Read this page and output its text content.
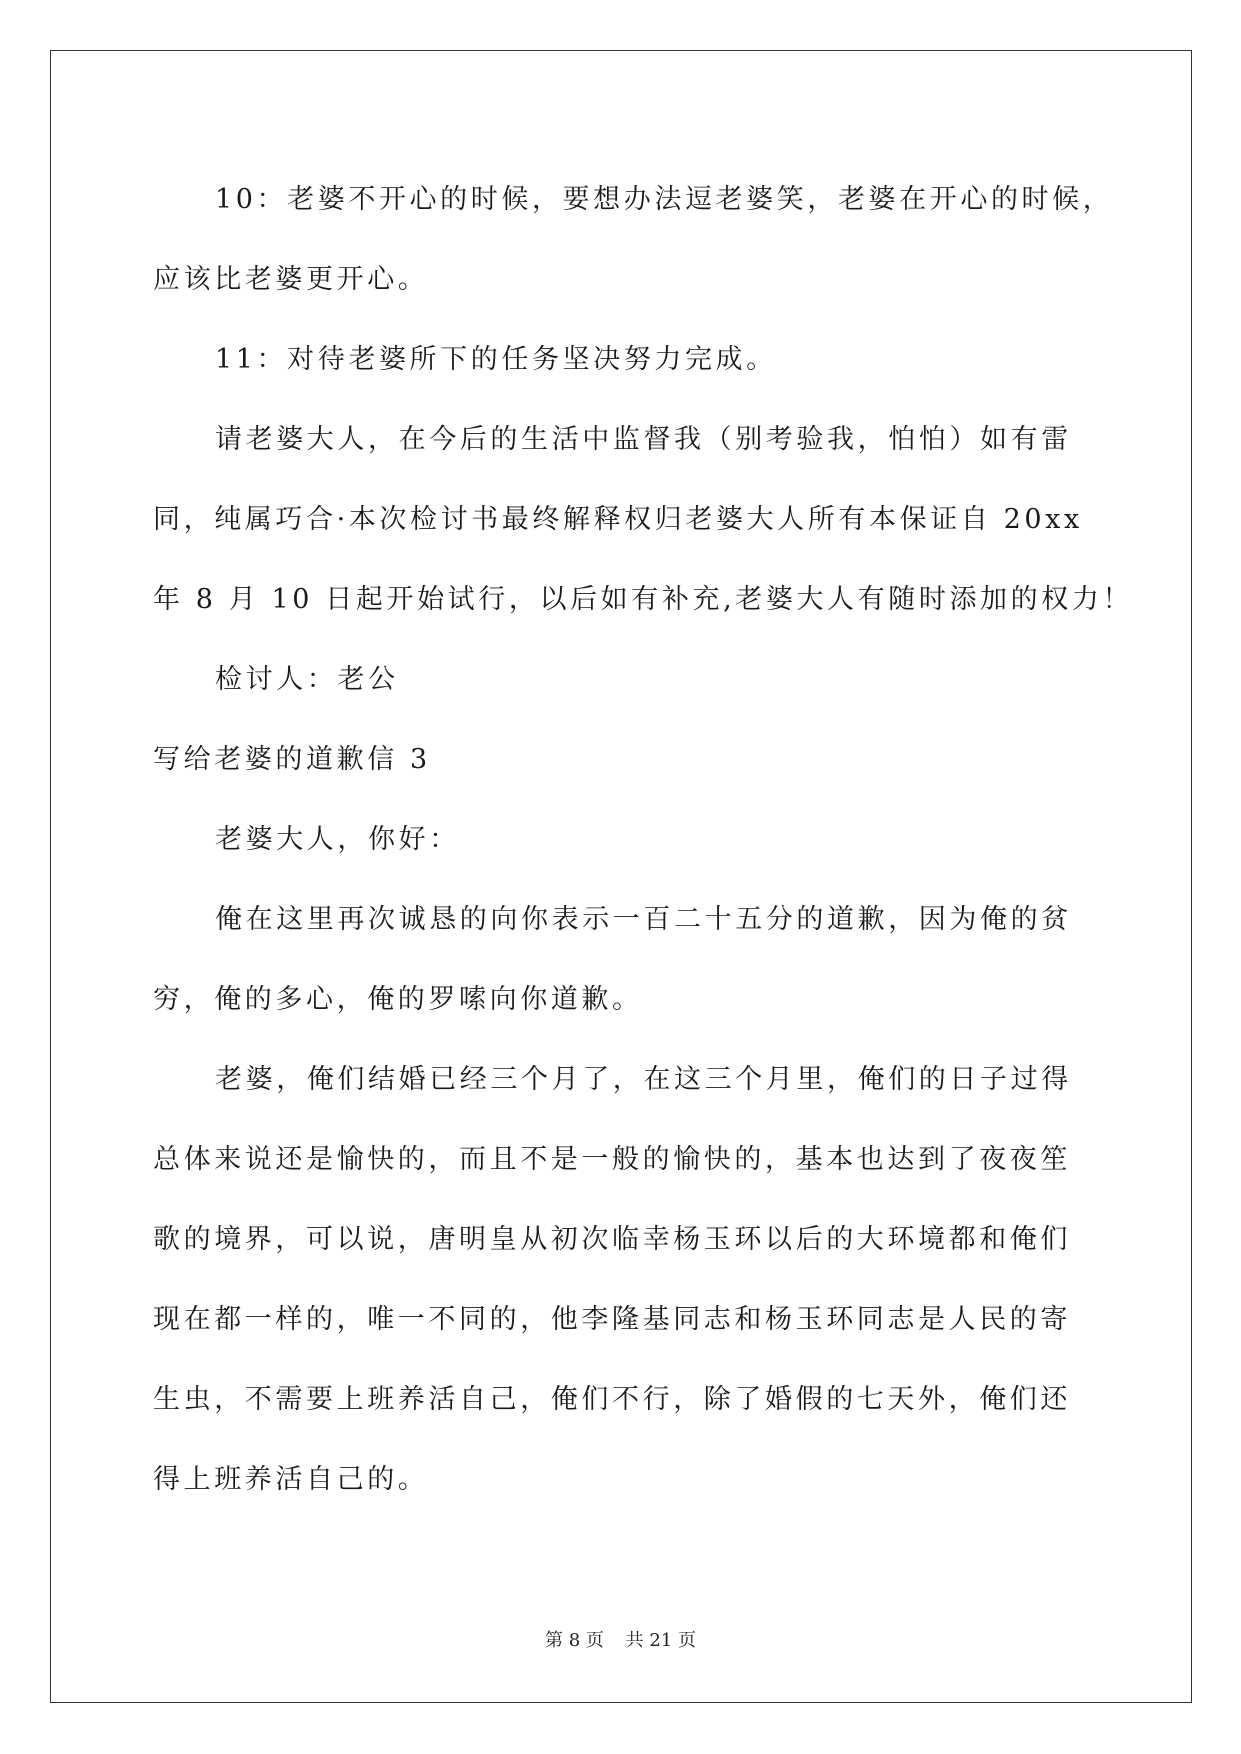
10：老婆不开心的时候，要想办法逗老婆笑，老婆在开心的时候，
应该比老婆更开心。
11：对待老婆所下的任务坚决努力完成。
请老婆大人，在今后的生活中监督我（别考验我，怕怕）如有雷
同，纯属巧合·本次检讨书最终解释权归老婆大人所有本保证自 20xx
年 8 月 10 日起开始试行，以后如有补充,老婆大人有随时添加的权力！
检讨人：老公
写给老婆的道歉信 3
老婆大人，你好：
俺在这里再次诚恳的向你表示一百二十五分的道歉，因为俺的贫
穷，俺的多心，俺的罗嗦向你道歉。
老婆，俺们结婚已经三个月了，在这三个月里，俺们的日子过得
总体来说还是愉快的，而且不是一般的愉快的，基本也达到了夜夜笙
歌的境界，可以说，唐明皇从初次临幸杨玉环以后的大环境都和俺们
现在都一样的，唯一不同的，他李隆基同志和杨玉环同志是人民的寄
生虫，不需要上班养活自己，俺们不行，除了婚假的七天外，俺们还
得上班养活自己的。
第 8 页 共 21 页
